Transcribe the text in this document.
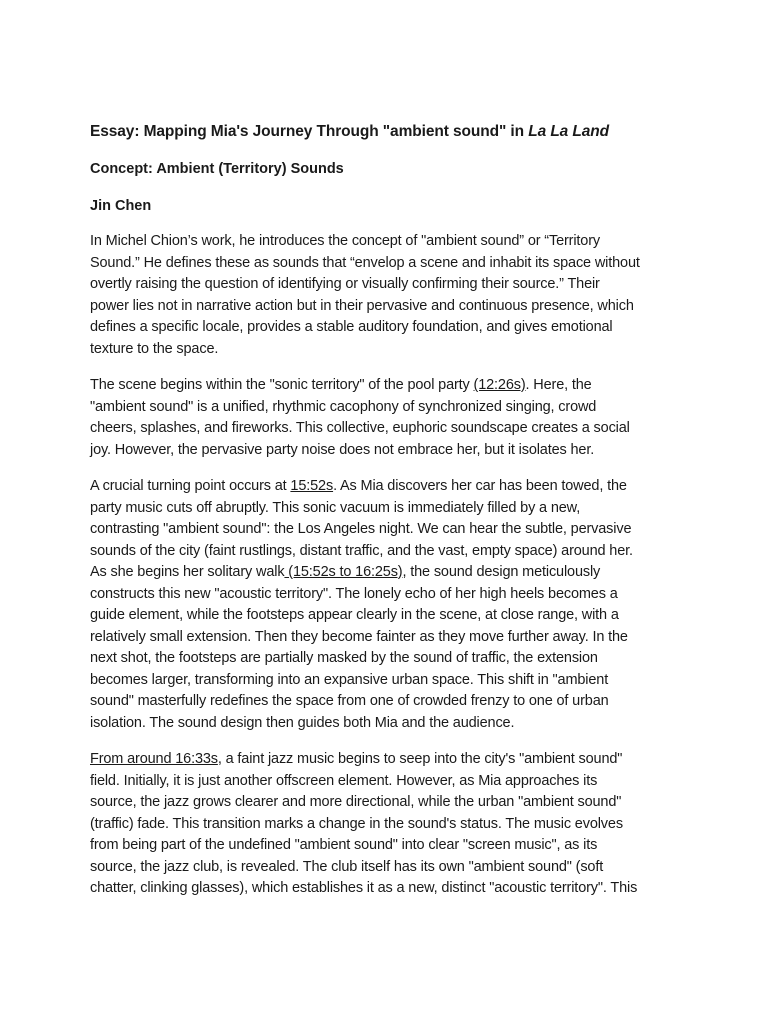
Essay: Mapping Mia's Journey Through "ambient sound" in La La Land
Concept: Ambient (Territory) Sounds
Jin Chen
In Michel Chion’s work, he introduces the concept of "ambient sound” or “Territory
Sound.” He defines these as sounds that “envelop a scene and inhabit its space without
overtly raising the question of identifying or visually confirming their source.” Their
power lies not in narrative action but in their pervasive and continuous presence, which
defines a specific locale, provides a stable auditory foundation, and gives emotional
texture to the space.
The scene begins within the "sonic territory" of the pool party (12:26s). Here, the
"ambient sound" is a unified, rhythmic cacophony of synchronized singing, crowd
cheers, splashes, and fireworks. This collective, euphoric soundscape creates a social
joy. However, the pervasive party noise does not embrace her, but it isolates her.
A crucial turning point occurs at 15:52s. As Mia discovers her car has been towed, the
party music cuts off abruptly. This sonic vacuum is immediately filled by a new,
contrasting "ambient sound": the Los Angeles night. We can hear the subtle, pervasive
sounds of the city (faint rustlings, distant traffic, and the vast, empty space) around her.
As she begins her solitary walk (15:52s to 16:25s), the sound design meticulously
constructs this new "acoustic territory". The lonely echo of her high heels becomes a
guide element, while the footsteps appear clearly in the scene, at close range, with a
relatively small extension. Then they become fainter as they move further away. In the
next shot, the footsteps are partially masked by the sound of traffic, the extension
becomes larger, transforming into an expansive urban space. This shift in "ambient
sound" masterfully redefines the space from one of crowded frenzy to one of urban
isolation. The sound design then guides both Mia and the audience.
From around 16:33s, a faint jazz music begins to seep into the city's "ambient sound"
field. Initially, it is just another offscreen element. However, as Mia approaches its
source, the jazz grows clearer and more directional, while the urban "ambient sound"
(traffic) fade. This transition marks a change in the sound's status. The music evolves
from being part of the undefined "ambient sound" into clear "screen music", as its
source, the jazz club, is revealed. The club itself has its own "ambient sound" (soft
chatter, clinking glasses), which establishes it as a new, distinct "acoustic territory". This
